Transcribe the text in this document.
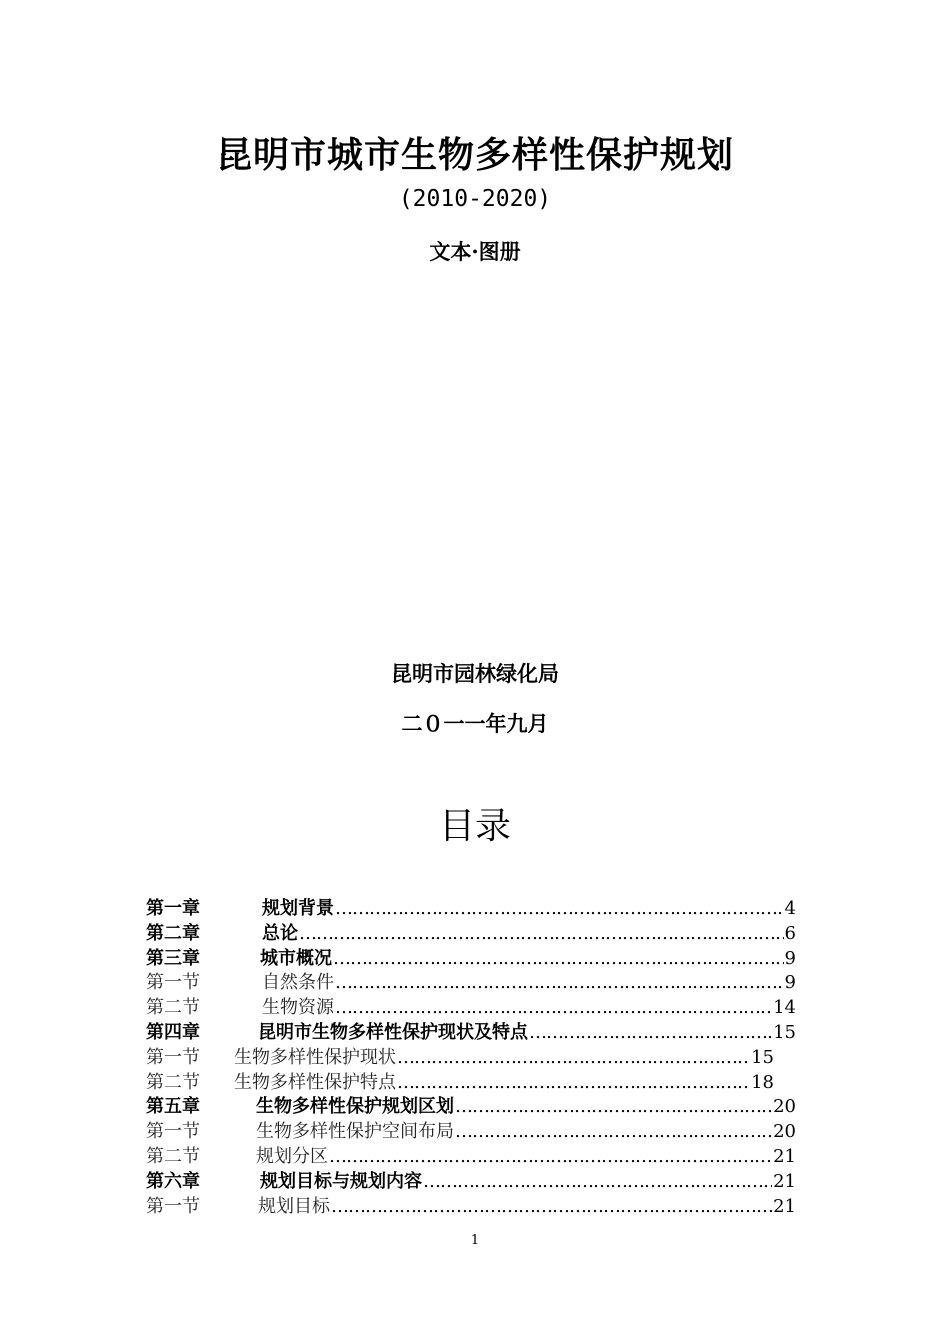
昆明市城市生物多样性保护规划
(2010-2020)
文本·图册
昆明市园林绿化局
二０一一年九月
目录
第一章	规划背景 …………………………………………………………………………………………………………………………………	4
第二章	总论 …………………………………………………………………………………………………………………………………	6
第三章	城市概况 …………………………………………………………………………………………………………………………………	9
第一节	自然条件 …………………………………………………………………………………………………………………………………	9
第二节	生物资源 …………………………………………………………………………………………………………………………………	14
第四章	昆明市生物多样性保护现状及特点 …………………………………………………………………………………………………………………………………	15
第一节	生物多样性保护现状 …………………………………………………………………………………………………………………………………	15
第二节	生物多样性保护特点 …………………………………………………………………………………………………………………………………	18
第五章	生物多样性保护规划区划 …………………………………………………………………………………………………………………………………	20
第一节	生物多样性保护空间布局 …………………………………………………………………………………………………………………………………	20
第二节	规划分区 …………………………………………………………………………………………………………………………………	21
第六章	规划目标与规划内容 …………………………………………………………………………………………………………………………………	21
第一节	规划目标 …………………………………………………………………………………………………………………………………	21
1
